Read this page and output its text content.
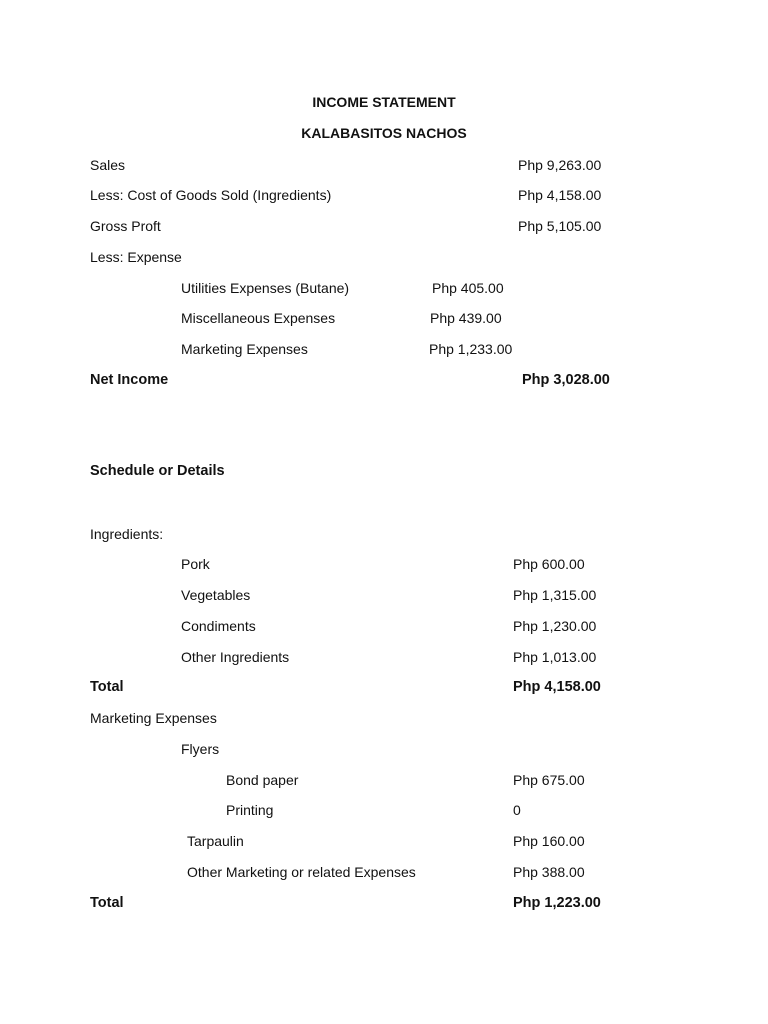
INCOME STATEMENT
KALABASITOS NACHOS
Sales	Php 9,263.00
Less: Cost of Goods Sold (Ingredients)	Php 4,158.00
Gross Proft	Php 5,105.00
Less: Expense
Utilities Expenses (Butane)	Php 405.00
Miscellaneous Expenses	Php 439.00
Marketing Expenses	Php 1,233.00
Net Income	Php 3,028.00
Schedule or Details
Ingredients:
Pork	Php 600.00
Vegetables	Php 1,315.00
Condiments	Php 1,230.00
Other Ingredients	Php 1,013.00
Total	Php 4,158.00
Marketing Expenses
Flyers
Bond paper	Php 675.00
Printing	0
Tarpaulin	Php 160.00
Other Marketing or related Expenses	Php 388.00
Total	Php 1,223.00
